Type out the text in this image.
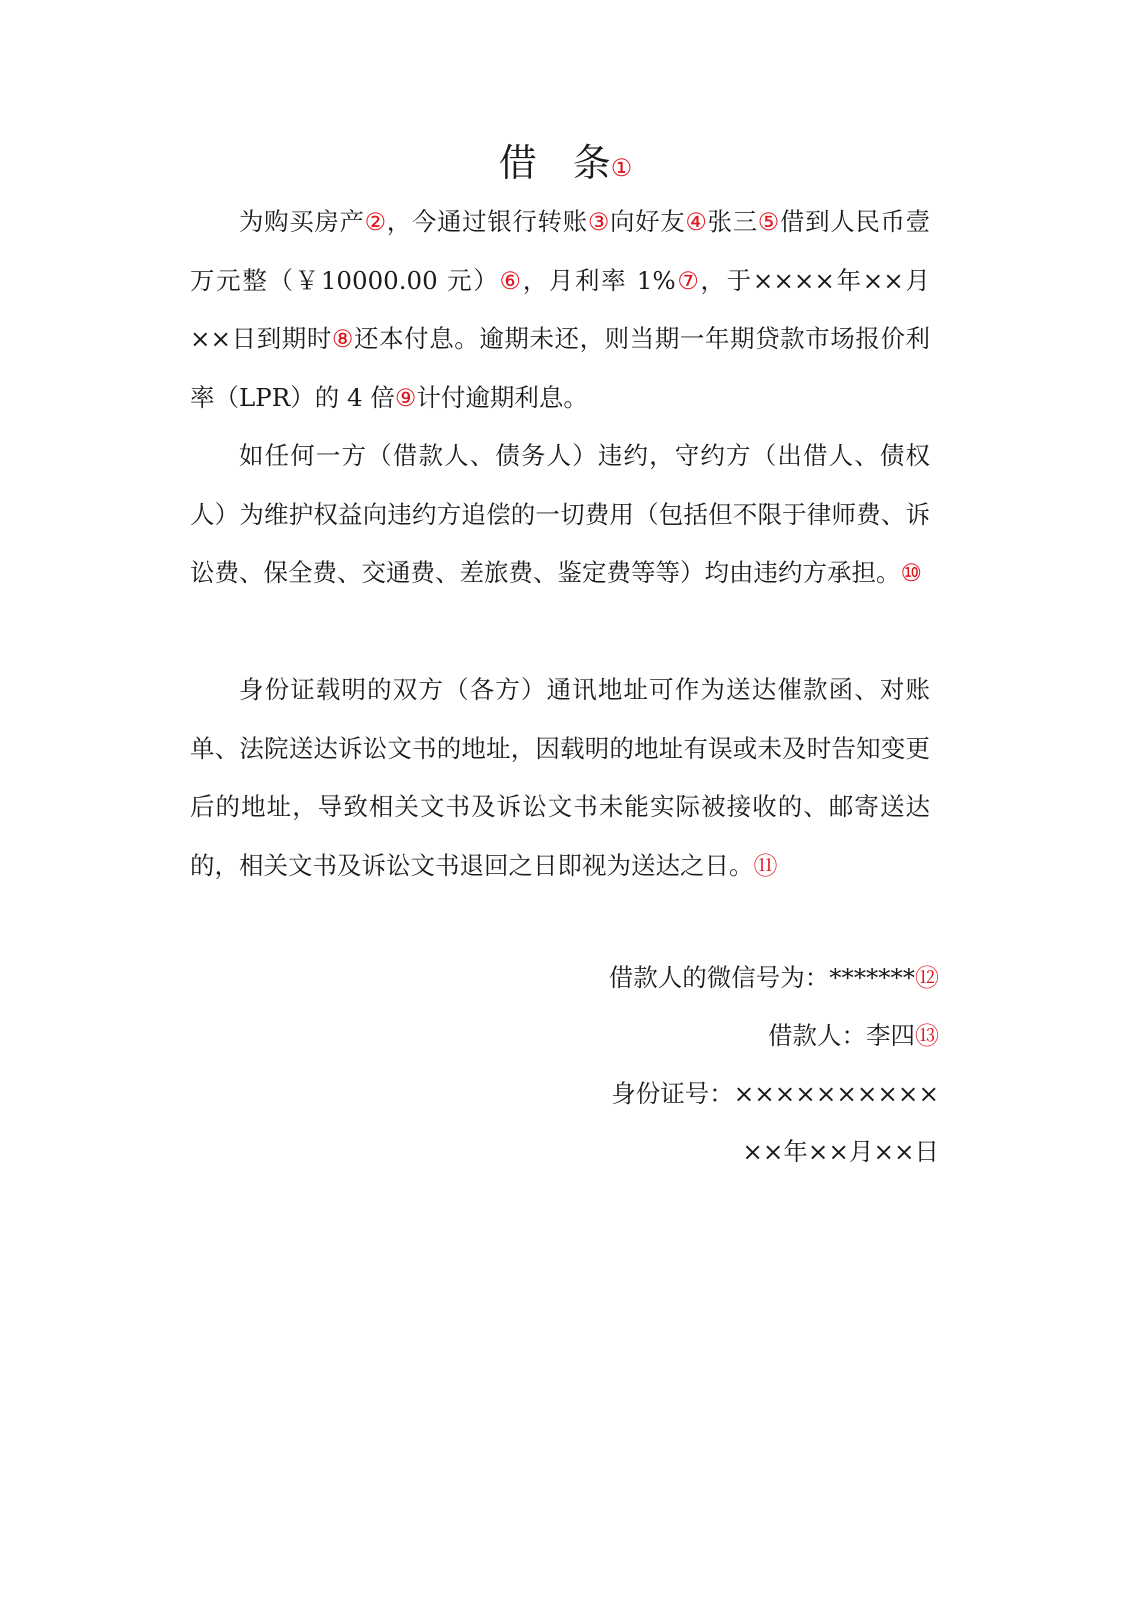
借 条①

为购买房产②，今通过银行转账③向好友④张三⑤借到人民币壹万元整（￥10000.00 元）⑥，月利率 1%⑦，于××××年××月××日到期时⑧还本付息。逾期未还，则当期一年期贷款市场报价利率（LPR）的 4 倍⑨计付逾期利息。

如任何一方（借款人、债务人）违约，守约方（出借人、债权人）为维护权益向违约方追偿的一切费用（包括但不限于律师费、诉讼费、保全费、交通费、差旅费、鉴定费等等）均由违约方承担。⑩

身份证载明的双方（各方）通讯地址可作为送达催款函、对账单、法院送达诉讼文书的地址，因载明的地址有误或未及时告知变更后的地址，导致相关文书及诉讼文书未能实际被接收的、邮寄送达的，相关文书及诉讼文书退回之日即视为送达之日。⑪

借款人的微信号为：*******⑫
借款人：李四⑬
身份证号：××××××××××
××年××月××日
